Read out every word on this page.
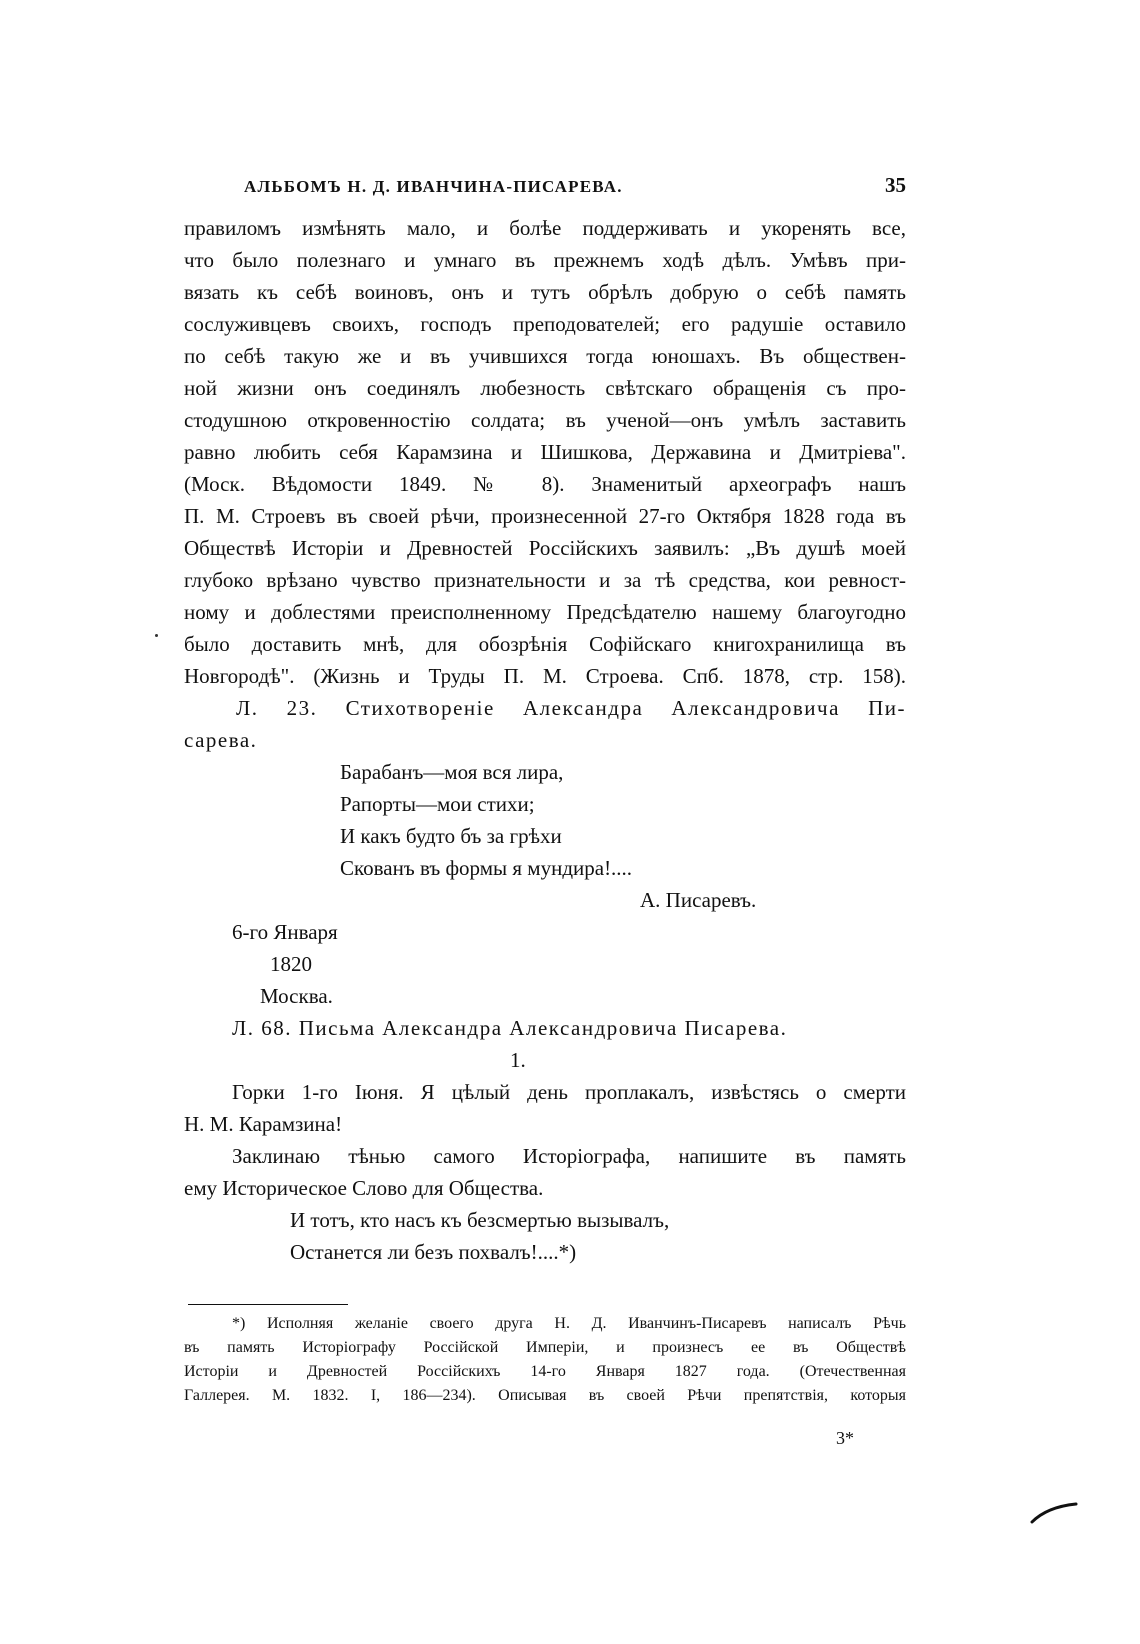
АЛЬБОМЪ Н. Д. ИВАНЧИНА-ПИСАРЕВА.	35
правиломъ измѣнять мало, и болѣе поддерживать и укоренять все,
что было полезнаго и умнаго въ прежнемъ ходѣ дѣлъ. Умѣвъ при-
вязать къ себѣ воиновъ, онъ и тутъ обрѣлъ добрую о себѣ память
сослуживцевъ своихъ, господъ преподователей; его радушіе оставило
по себѣ такую же и въ учившихся тогда юношахъ. Въ обществен-
ной жизни онъ соединялъ любезность свѣтскаго обращенія съ про-
стодушною откровенностію солдата; въ ученой—онъ умѣлъ заставить
равно любить себя Карамзина и Шишкова, Державина и Дмитріева".
(Моск. Вѣдомости 1849. № 8). Знаменитый археографъ нашъ
П. М. Строевъ въ своей рѣчи, произнесенной 27-го Октября 1828 года въ
Обществѣ Исторіи и Древностей Россійскихъ заявилъ: „Въ душѣ моей
глубоко врѣзано чувство признательности и за тѣ средства, кои ревност-
ному и доблестями преисполненному Предсѣдателю нашему благоугодно
было доставить мнѣ, для обозрѣнія Софійскаго книгохранилища въ
Новгородѣ". (Жизнь и Труды П. М. Строева. Спб. 1878, стр. 158).
Л. 23. Стихотвореніе Александра Александровича Пи-
сарева.
Барабанъ—моя вся лира,
Рапорты—мои стихи;
И какъ будто бъ за грѣхи
Скованъ въ формы я мундира!....
А. Писаревъ.
6-го Января
1820
Москва.
Л. 68. Письма Александра Александровича Писарева.
1.
Горки 1-го Іюня. Я цѣлый день проплакалъ, извѣстясь о смерти
Н. М. Карамзина!
Заклинаю тѣнью самого Исторіографа, напишите въ память
ему Историческое Слово для Общества.
И тотъ, кто насъ къ безсмертью вызывалъ,
Останется ли безъ похвалъ!....*)
*) Исполняя желаніе своего друга Н. Д. Иванчинъ-Писаревъ написалъ Рѣчь
въ память Исторіографу Россійской Имперіи, и произнесъ ее въ Обществѣ
Исторіи и Древностей Россійскихъ 14-го Января 1827 года. (Отечественная
Галлерея. М. 1832. I, 186—234). Описывая въ своей Рѣчи препятствія, которыя
3*
